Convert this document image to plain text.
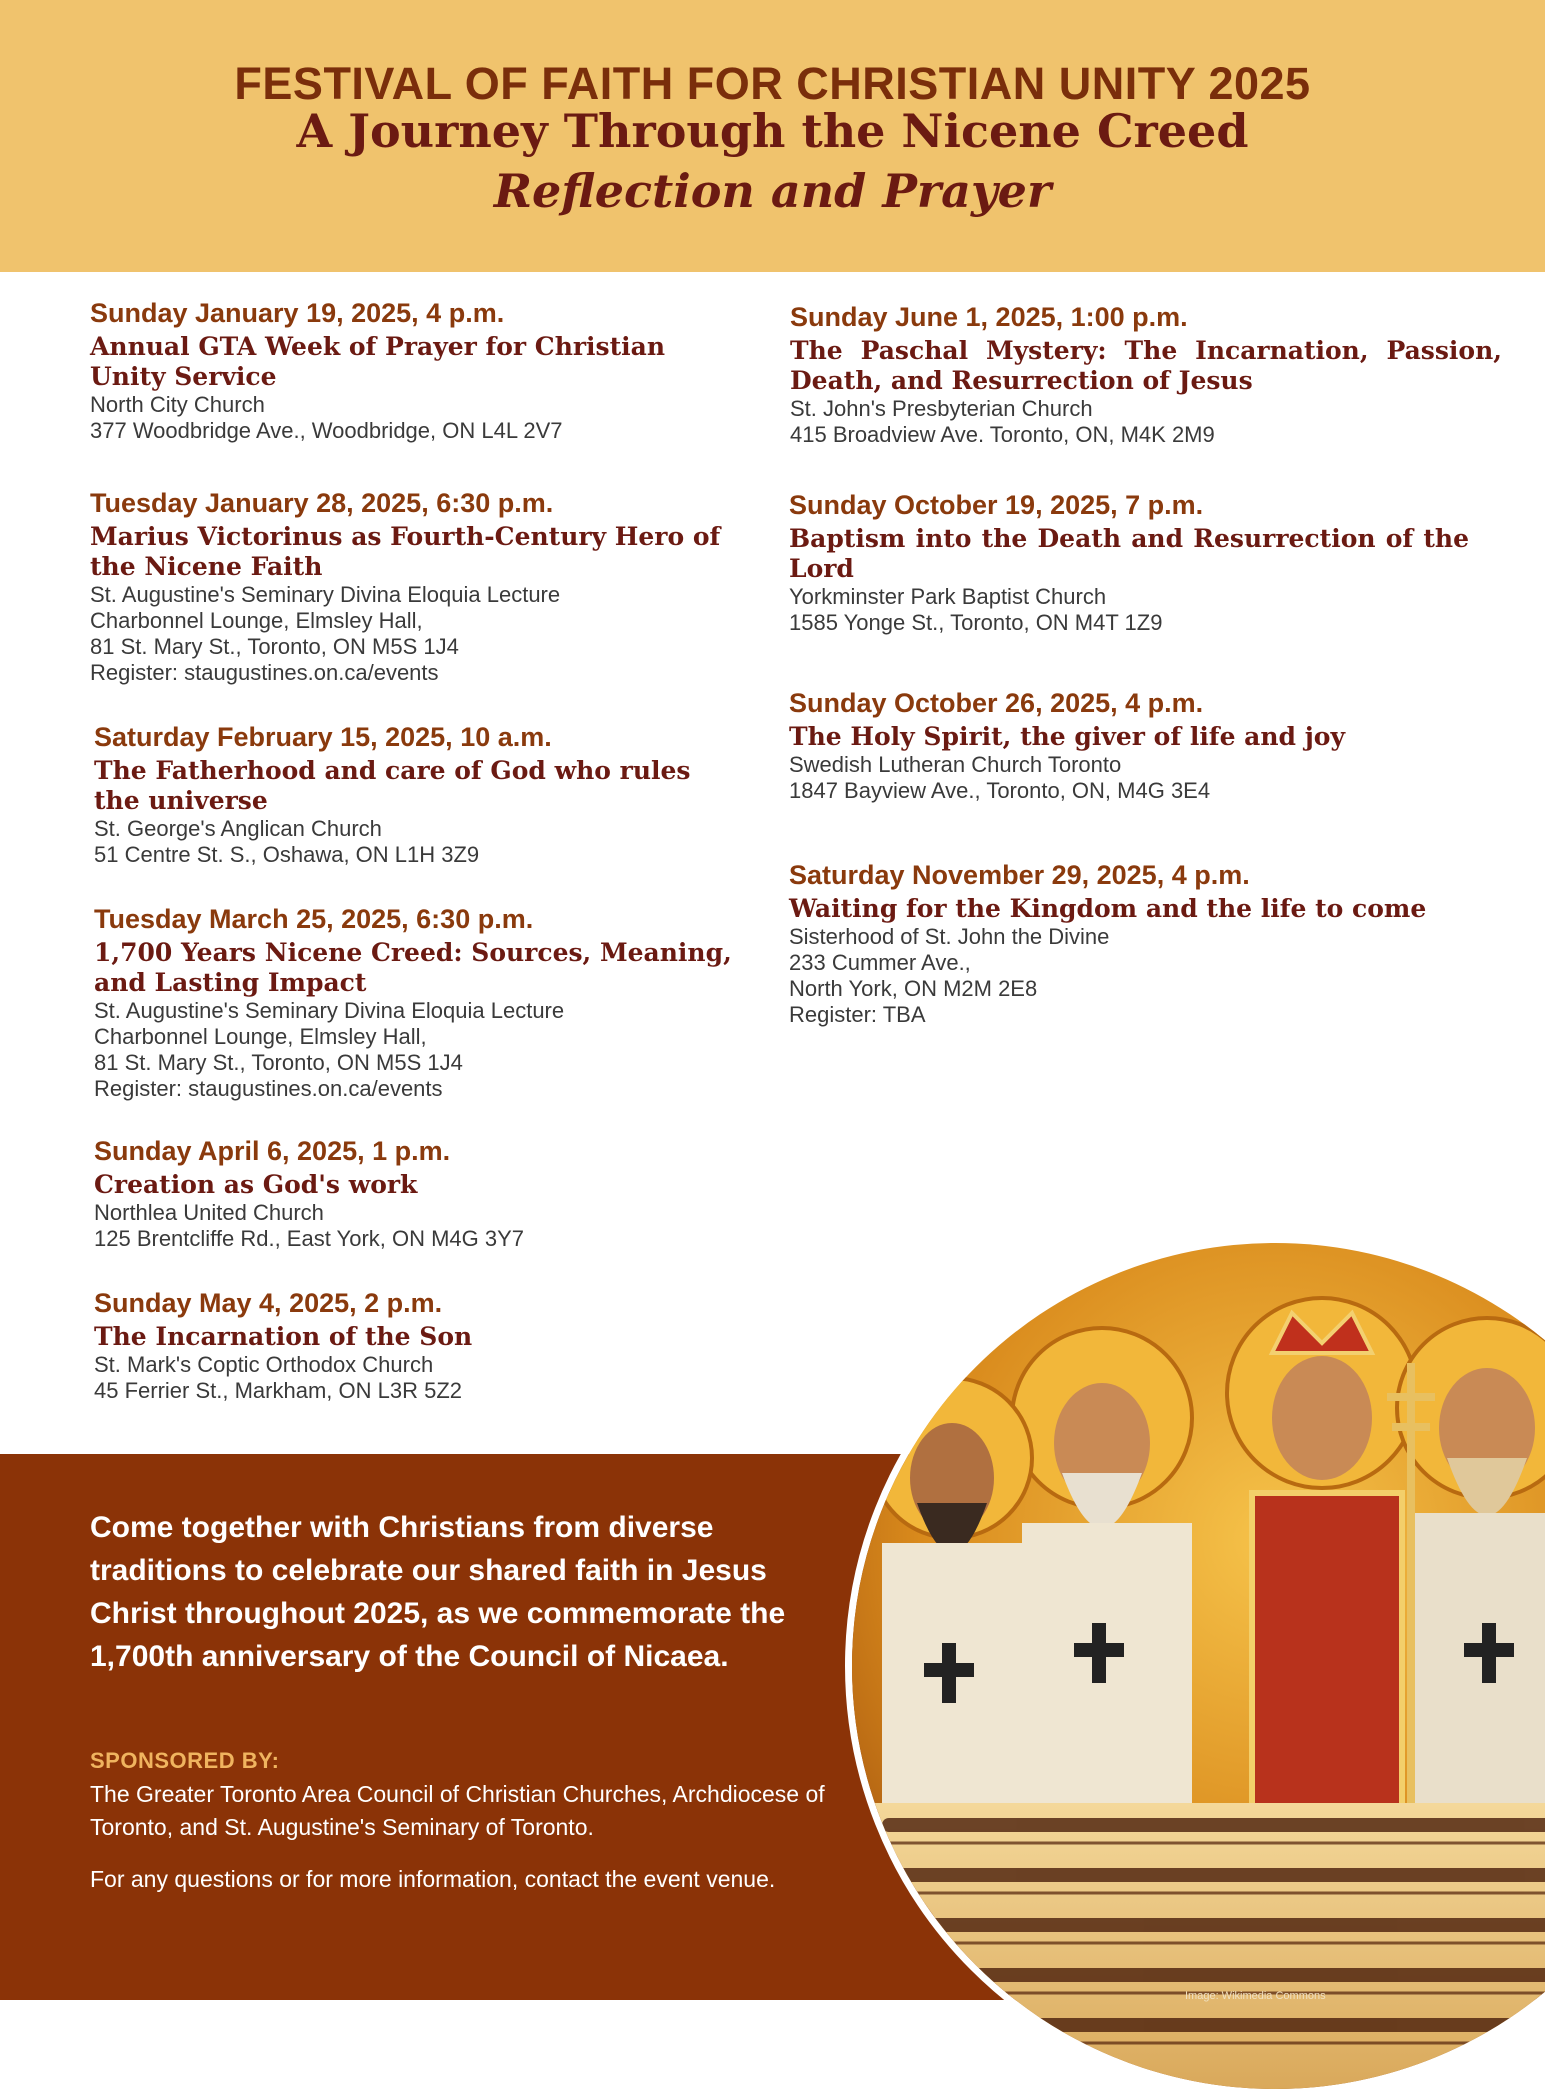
FESTIVAL OF FAITH FOR CHRISTIAN UNITY 2025
A Journey Through the Nicene Creed
Reflection and Prayer
Sunday January 19, 2025, 4 p.m.
Annual GTA Week of Prayer for Christian Unity Service
North City Church
377 Woodbridge Ave., Woodbridge, ON L4L 2V7
Tuesday January 28, 2025, 6:30 p.m.
Marius Victorinus as Fourth-Century Hero of the Nicene Faith
St. Augustine's Seminary Divina Eloquia Lecture
Charbonnel Lounge, Elmsley Hall,
81 St. Mary St., Toronto, ON M5S 1J4
Register: staugustines.on.ca/events
Saturday February 15, 2025, 10 a.m.
The Fatherhood and care of God who rules the universe
St. George's Anglican Church
51 Centre St. S., Oshawa, ON L1H 3Z9
Tuesday March 25, 2025, 6:30 p.m.
1,700 Years Nicene Creed: Sources, Meaning, and Lasting Impact
St. Augustine's Seminary Divina Eloquia Lecture
Charbonnel Lounge, Elmsley Hall,
81 St. Mary St., Toronto, ON M5S 1J4
Register: staugustines.on.ca/events
Sunday April 6, 2025, 1 p.m.
Creation as God's work
Northlea United Church
125 Brentcliffe Rd., East York, ON M4G 3Y7
Sunday May 4, 2025, 2 p.m.
The Incarnation of the Son
St. Mark's Coptic Orthodox Church
45 Ferrier St., Markham, ON L3R 5Z2
Sunday June 1, 2025, 1:00 p.m.
The Paschal Mystery: The Incarnation, Passion, Death, and Resurrection of Jesus
St. John's Presbyterian Church
415 Broadview Ave. Toronto, ON, M4K 2M9
Sunday October 19, 2025, 7 p.m.
Baptism into the Death and Resurrection of the Lord
Yorkminster Park Baptist Church
1585 Yonge St., Toronto, ON M4T 1Z9
Sunday October 26, 2025, 4 p.m.
The Holy Spirit, the giver of life and joy
Swedish Lutheran Church Toronto
1847 Bayview Ave., Toronto, ON, M4G 3E4
Saturday November 29, 2025, 4 p.m.
Waiting for the Kingdom and the life to come
Sisterhood of St. John the Divine
233 Cummer Ave.,
North York, ON M2M 2E8
Register: TBA
Come together with Christians from diverse traditions to celebrate our shared faith in Jesus Christ throughout 2025, as we commemorate the 1,700th anniversary of the Council of Nicaea.
SPONSORED BY:
The Greater Toronto Area Council of Christian Churches, Archdiocese of Toronto, and St. Augustine's Seminary of Toronto.
For any questions or for more information, contact the event venue.
Image: Wikimedia Commons
